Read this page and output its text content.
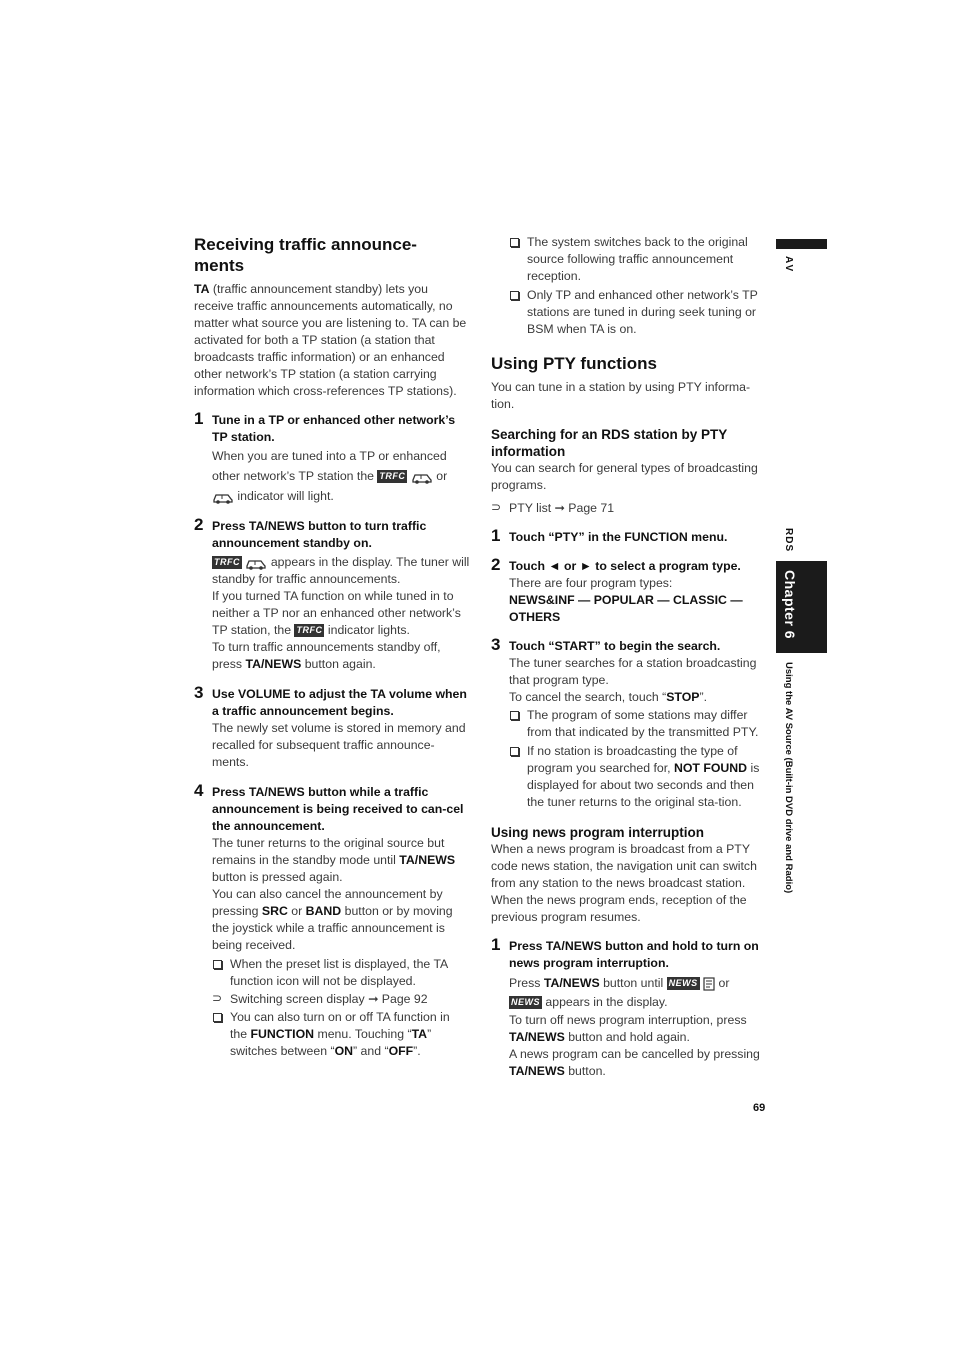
Receiving traffic announce-
ments

TA (traffic announcement standby) lets you receive traffic announcements automatically, no matter what source you are listening to. TA can be activated for both a TP station (a station that broadcasts traffic information) or an enhanced other network’s TP station (a station carrying information which cross-references TP stations).

1 Tune in a TP or enhanced other network’s TP station.

When you are tuned into a TP or enhanced other network’s TP station the TRFC  or
indicator will light.

2 Press TA/NEWS button to turn traffic announcement standby on.

TRFC  appears in the display. The tuner will standby for traffic announcements.
If you turned TA function on while tuned in to neither a TP nor an enhanced other network’s TP station, the TRFC indicator lights.
To turn traffic announcements standby off, press TA/NEWS button again.

3 Use VOLUME to adjust the TA volume when a traffic announcement begins.

The newly set volume is stored in memory and recalled for subsequent traffic announce-ments.

4 Press TA/NEWS button while a traffic announcement is being received to can-cel the announcement.

The tuner returns to the original source but remains in the standby mode until TA/NEWS button is pressed again.
You can also cancel the announcement by pressing SRC or BAND button or by moving the joystick while a traffic announcement is being received.

When the preset list is displayed, the TA function icon will not be displayed.

⊃ Switching screen display ➞ Page 92

You can also turn on or off TA function in the FUNCTION menu. Touching “TA” switches between “ON” and “OFF”.

The system switches back to the original source following traffic announcement reception.

Only TP and enhanced other network’s TP stations are tuned in during seek tuning or BSM when TA is on.

Using PTY functions

You can tune in a station by using PTY informa-tion.

Searching for an RDS station by PTY information

You can search for general types of broadcasting programs.

⊃ PTY list ➞ Page 71

1 Touch “PTY” in the FUNCTION menu.

2 Touch ◄ or ► to select a program type.

There are four program types:

NEWS&INF — POPULAR — CLASSIC — OTHERS

3 Touch “START” to begin the search.

The tuner searches for a station broadcasting that program type.
To cancel the search, touch “STOP”.

The program of some stations may differ from that indicated by the transmitted PTY.

If no station is broadcasting the type of program you searched for, NOT FOUND is displayed for about two seconds and then the tuner returns to the original sta-tion.

Using news program interruption

When a news program is broadcast from a PTY code news station, the navigation unit can switch from any station to the news broadcast station. When the news program ends, reception of the previous program resumes.

1 Press TA/NEWS button and hold to turn on news program interruption.

Press TA/NEWS button until NEWS  or
NEWS appears in the display.

To turn off news program interruption, press TA/NEWS button and hold again.
A news program can be cancelled by pressing TA/NEWS button.

AV
RDS
Chapter 6
Using the AV Source (Built-in DVD drive and Radio)
69
